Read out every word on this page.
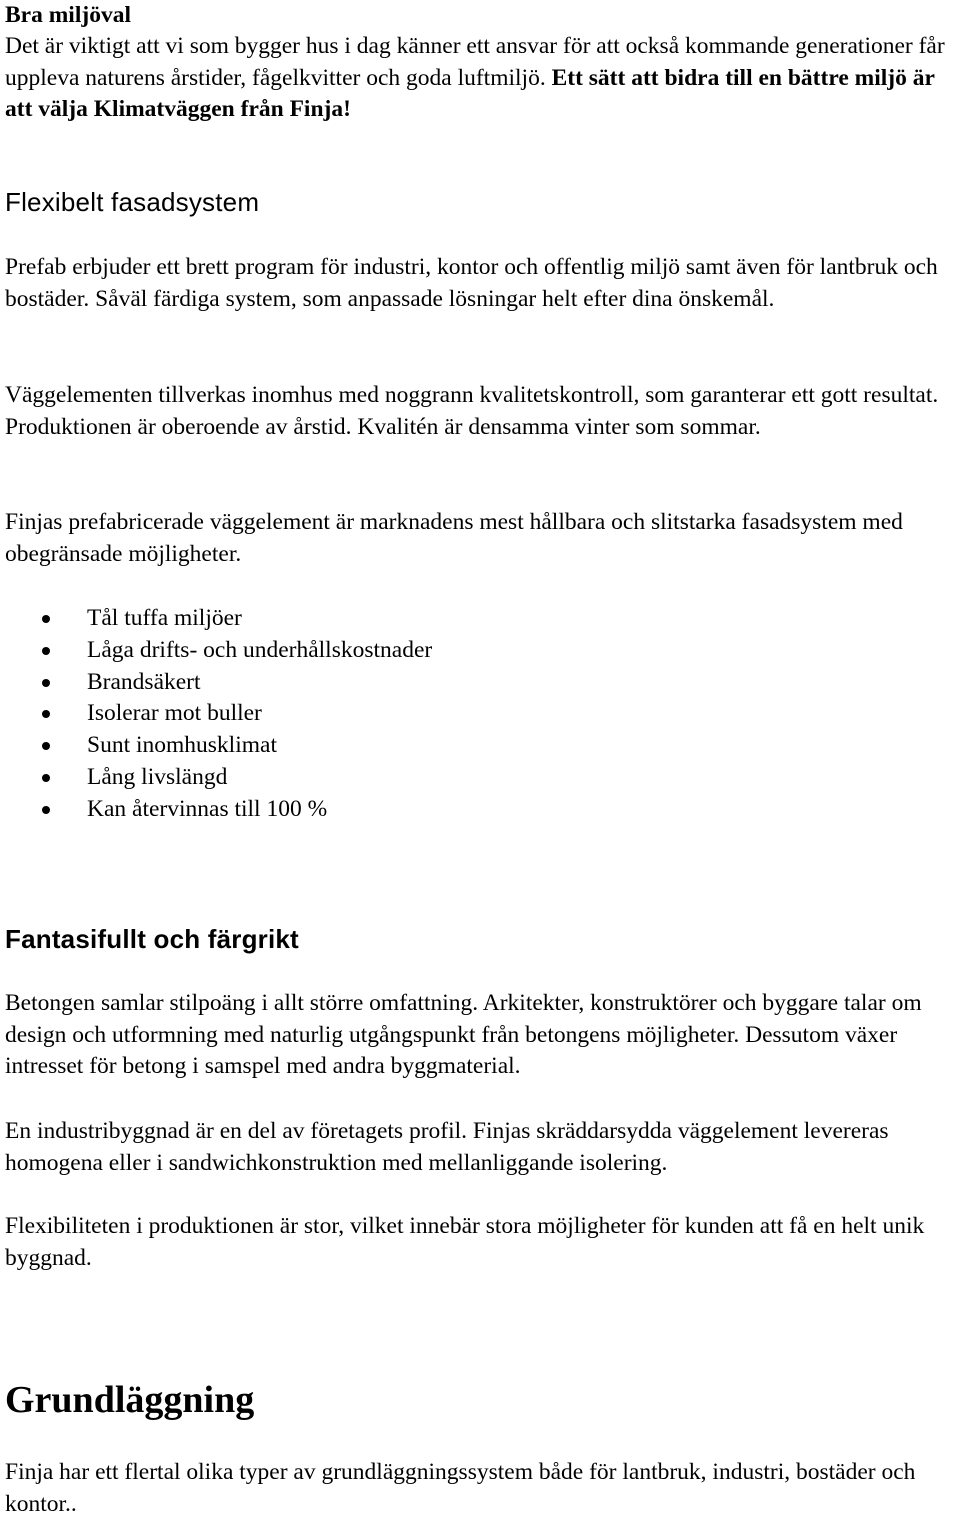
Bra miljöval

Det är viktigt att vi som bygger hus i dag känner ett ansvar för att också kommande generationer får uppleva naturens årstider, fågelkvitter och goda luftmiljö. Ett sätt att bidra till en bättre miljö är att välja Klimatväggen från Finja!

Flexibelt fasadsystem

Prefab erbjuder ett brett program för industri, kontor och offentlig miljö samt även för lantbruk och bostäder. Såväl färdiga system, som anpassade lösningar helt efter dina önskemål.

Väggelementen tillverkas inomhus med noggrann kvalitetskontroll, som garanterar ett gott resultat. Produktionen är oberoende av årstid. Kvalitén är densamma vinter som sommar.

Finjas prefabricerade väggelement är marknadens mest hållbara och slitstarka fasadsystem med obegränsade möjligheter.

Tål tuffa miljöer
Låga drifts- och underhållskostnader
Brandsäkert
Isolerar mot buller
Sunt inomhusklimat
Lång livslängd
Kan återvinnas till 100 %
Fantasifullt och färgrikt

Betongen samlar stilpoäng i allt större omfattning. Arkitekter, konstruktörer och byggare talar om design och utformning med naturlig utgångspunkt från betongens möjligheter. Dessutom växer intresset för betong i samspel med andra byggmaterial.

En industribyggnad är en del av företagets profil. Finjas skräddarsydda väggelement levereras homogena eller i sandwichkonstruktion med mellanliggande isolering.

Flexibiliteten i produktionen är stor, vilket innebär stora möjligheter för kunden att få en helt unik byggnad.

Grundläggning

Finja har ett flertal olika typer av grundläggningssystem både för lantbruk, industri, bostäder och kontor..
